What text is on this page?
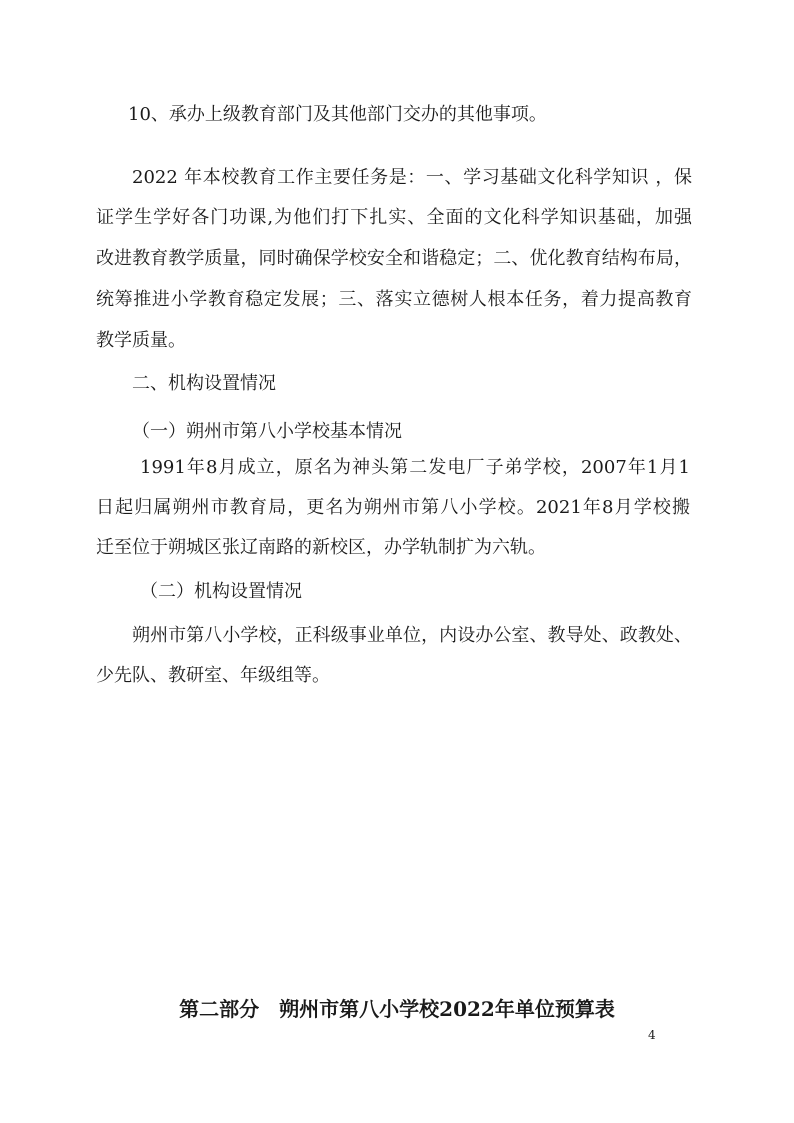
10、承办上级教育部门及其他部门交办的其他事项。

2022 年本校教育工作主要任务是：一、学习基础文化科学知识 ，保

证学生学好各门功课,为他们打下扎实、全面的文化科学知识基础，加强

改进教育教学质量，同时确保学校安全和谐稳定；二、优化教育结构布局，

统筹推进小学教育稳定发展；三、落实立德树人根本任务，着力提高教育

教学质量。

二、机构设置情况

（一）朔州市第八小学校基本情况

1991年8月成立，原名为神头第二发电厂子弟学校，2007年1月1

日起归属朔州市教育局，更名为朔州市第八小学校。2021年8月学校搬

迁至位于朔城区张辽南路的新校区，办学轨制扩为六轨。

（二）机构设置情况

朔州市第八小学校，正科级事业单位，内设办公室、教导处、政教处、

少先队、教研室、年级组等。

第二部分　朔州市第八小学校2022年单位预算表

4
